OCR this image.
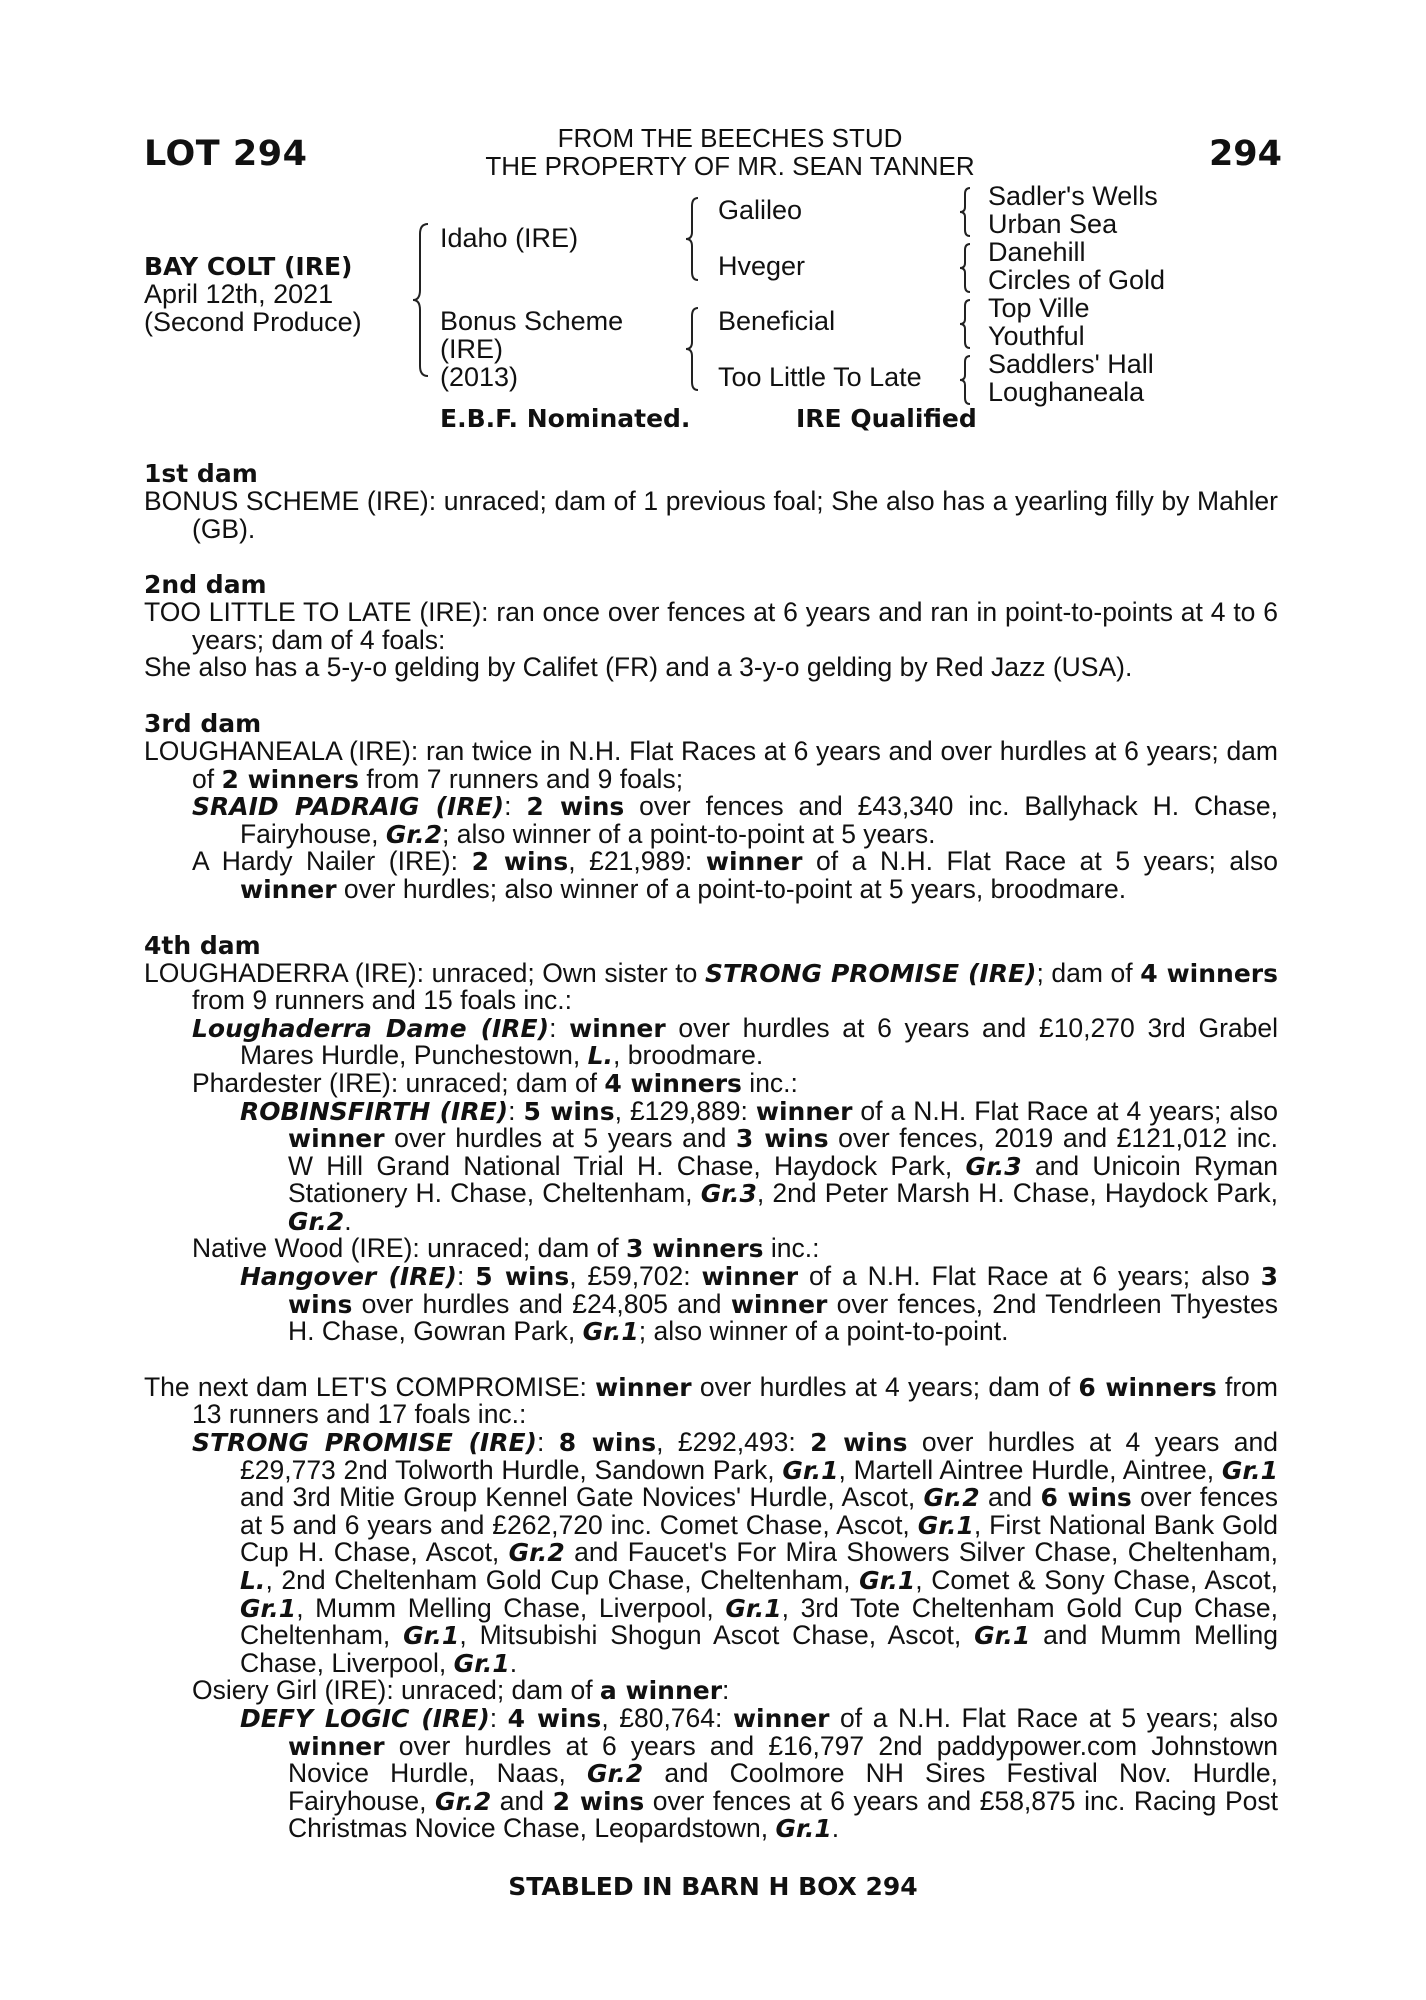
LOT 294	FROM THE BEECHES STUD
THE PROPERTY OF MR. SEAN TANNER	294
BAY COLT (IRE)
April 12th, 2021
(Second Produce)
Idaho (IRE)
Bonus Scheme
(IRE)
(2013)
Galileo
Hveger
Beneficial
Too Little To Late
Sadler's Wells
Urban Sea
Danehill
Circles of Gold
Top Ville
Youthful
Saddlers' Hall
Loughaneala
E.B.F. Nominated.	IRE Qualified
1st dam

BONUS SCHEME (IRE): unraced; dam of 1 previous foal; She also has a yearling filly by Mahler (GB).

2nd dam

TOO LITTLE TO LATE (IRE): ran once over fences at 6 years and ran in point-to-points at 4 to 6 years; dam of 4 foals:

She also has a 5-y-o gelding by Califet (FR) and a 3-y-o gelding by Red Jazz (USA).

3rd dam

LOUGHANEALA (IRE): ran twice in N.H. Flat Races at 6 years and over hurdles at 6 years; dam of 2 winners from 7 runners and 9 foals;

SRAID PADRAIG (IRE): 2 wins over fences and £43,340 inc. Ballyhack H. Chase, Fairyhouse, Gr.2; also winner of a point-to-point at 5 years.

A Hardy Nailer (IRE): 2 wins, £21,989: winner of a N.H. Flat Race at 5 years; also winner over hurdles; also winner of a point-to-point at 5 years, broodmare.

4th dam

LOUGHADERRA (IRE): unraced; Own sister to STRONG PROMISE (IRE); dam of 4 winners from 9 runners and 15 foals inc.:

Loughaderra Dame (IRE): winner over hurdles at 6 years and £10,270 3rd Grabel Mares Hurdle, Punchestown, L., broodmare.

Phardester (IRE): unraced; dam of 4 winners inc.:

ROBINSFIRTH (IRE): 5 wins, £129,889: winner of a N.H. Flat Race at 4 years; also winner over hurdles at 5 years and 3 wins over fences, 2019 and £121,012 inc. W Hill Grand National Trial H. Chase, Haydock Park, Gr.3 and Unicoin Ryman Stationery H. Chase, Cheltenham, Gr.3, 2nd Peter Marsh H. Chase, Haydock Park, Gr.2.

Native Wood (IRE): unraced; dam of 3 winners inc.:

Hangover (IRE): 5 wins, £59,702: winner of a N.H. Flat Race at 6 years; also 3 wins over hurdles and £24,805 and winner over fences, 2nd Tendrleen Thyestes H. Chase, Gowran Park, Gr.1; also winner of a point-to-point.

The next dam LET'S COMPROMISE: winner over hurdles at 4 years; dam of 6 winners from 13 runners and 17 foals inc.:

STRONG PROMISE (IRE): 8 wins, £292,493: 2 wins over hurdles at 4 years and £29,773 2nd Tolworth Hurdle, Sandown Park, Gr.1, Martell Aintree Hurdle, Aintree, Gr.1 and 3rd Mitie Group Kennel Gate Novices' Hurdle, Ascot, Gr.2 and 6 wins over fences at 5 and 6 years and £262,720 inc. Comet Chase, Ascot, Gr.1, First National Bank Gold Cup H. Chase, Ascot, Gr.2 and Faucet's For Mira Showers Silver Chase, Cheltenham, L., 2nd Cheltenham Gold Cup Chase, Cheltenham, Gr.1, Comet & Sony Chase, Ascot, Gr.1, Mumm Melling Chase, Liverpool, Gr.1, 3rd Tote Cheltenham Gold Cup Chase, Cheltenham, Gr.1, Mitsubishi Shogun Ascot Chase, Ascot, Gr.1 and Mumm Melling Chase, Liverpool, Gr.1.

Osiery Girl (IRE): unraced; dam of a winner:

DEFY LOGIC (IRE): 4 wins, £80,764: winner of a N.H. Flat Race at 5 years; also winner over hurdles at 6 years and £16,797 2nd paddypower.com Johnstown Novice Hurdle, Naas, Gr.2 and Coolmore NH Sires Festival Nov. Hurdle, Fairyhouse, Gr.2 and 2 wins over fences at 6 years and £58,875 inc. Racing Post Christmas Novice Chase, Leopardstown, Gr.1.

STABLED IN BARN H BOX 294
